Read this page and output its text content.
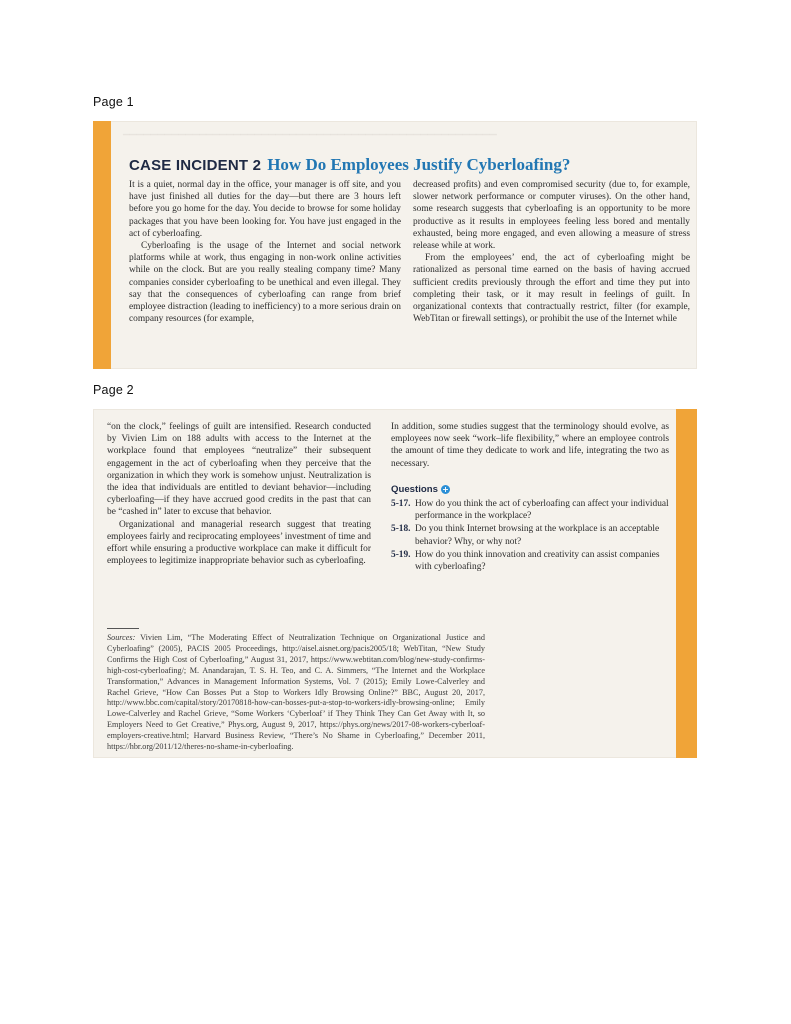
Page 1
▁▁▁▁▁▁▁▁▁▁▁▁▁▁▁▁▁▁▁▁▁▁▁▁▁▁▁▁▁▁▁▁▁▁▁▁▁▁▁▁▁▁▁▁▁▁▁▁▁▁▁▁▁▁
CASE INCIDENT 2 How Do Employees Justify Cyberloafing?

It is a quiet, normal day in the office, your manager is off site, and you have just finished all duties for the day—but there are 3 hours left before you go home for the day. You decide to browse for some holiday packages that you have been looking for. You have just engaged in the act of cyberloafing.

Cyberloafing is the usage of the Internet and social network platforms while at work, thus engaging in non-work online activities while on the clock. But are you really stealing company time? Many companies consider cyberloafing to be unethical and even illegal. They say that the consequences of cyberloafing can range from brief employee distraction (leading to inefficiency) to a more serious drain on company resources (for example,

decreased profits) and even compromised security (due to, for example, slower network performance or computer viruses). On the other hand, some research suggests that cyberloafing is an opportunity to be more productive as it results in employees feeling less bored and mentally exhausted, being more engaged, and even allowing a measure of stress release while at work.

From the employees’ end, the act of cyberloafing might be rationalized as personal time earned on the basis of having accrued sufficient credits previously through the effort and time they put into completing their task, or it may result in feelings of guilt. In organizational contexts that contractually restrict, filter (for example, WebTitan or firewall settings), or prohibit the use of the Internet while

Page 2

“on the clock,” feelings of guilt are intensified. Research conducted by Vivien Lim on 188 adults with access to the Internet at the workplace found that employees “neutralize” their subsequent engagement in the act of cyberloafing when they perceive that the organization in which they work is somehow unjust. Neutralization is the idea that individuals are entitled to deviant behavior—including cyberloafing—if they have accrued good credits in the past that can be “cashed in” later to excuse that behavior.

Organizational and managerial research suggest that treating employees fairly and reciprocating employees’ investment of time and effort while ensuring a productive workplace can make it difficult for employees to legitimize inappropriate behavior such as cyberloafing.

In addition, some studies suggest that the terminology should evolve, as employees now seek “work–life flexibility,” where an employee controls the amount of time they dedicate to work and life, integrating the two as necessary.

Questions +
5-17. How do you think the act of cyberloafing can affect your individual performance in the workplace?
5-18. Do you think Internet browsing at the workplace is an acceptable behavior? Why, or why not?
5-19. How do you think innovation and creativity can assist companies with cyberloafing?
Sources: Vivien Lim, “The Moderating Effect of Neutralization Technique on Organizational Justice and Cyberloafing” (2005), PACIS 2005 Proceedings, http://aisel.aisnet.org/pacis2005/18; WebTitan, “New Study Confirms the High Cost of Cyberloafing,” August 31, 2017, https://www.webtitan.com/blog/new-study-confirms-high-cost-cyberloafing/; M. Anandarajan, T. S. H. Teo, and C. A. Simmers, “The Internet and the Workplace Transformation,” Advances in Management Information Systems, Vol. 7 (2015); Emily Lowe-Calverley and Rachel Grieve, “How Can Bosses Put a Stop to Workers Idly Browsing Online?” BBC, August 20, 2017, http://www.bbc.com/capital/story/20170818-how-can-bosses-put-a-stop-to-workers-idly-browsing-online; Emily Lowe-Calverley and Rachel Grieve, “Some Workers ‘Cyberloaf’ if They Think They Can Get Away with It, so Employers Need to Get Creative,” Phys.org, August 9, 2017, https://phys.org/news/2017-08-workers-cyberloaf-employers-creative.html; Harvard Business Review, “There’s No Shame in Cyberloafing,” December 2011, https://hbr.org/2011/12/theres-no-shame-in-cyberloafing.
